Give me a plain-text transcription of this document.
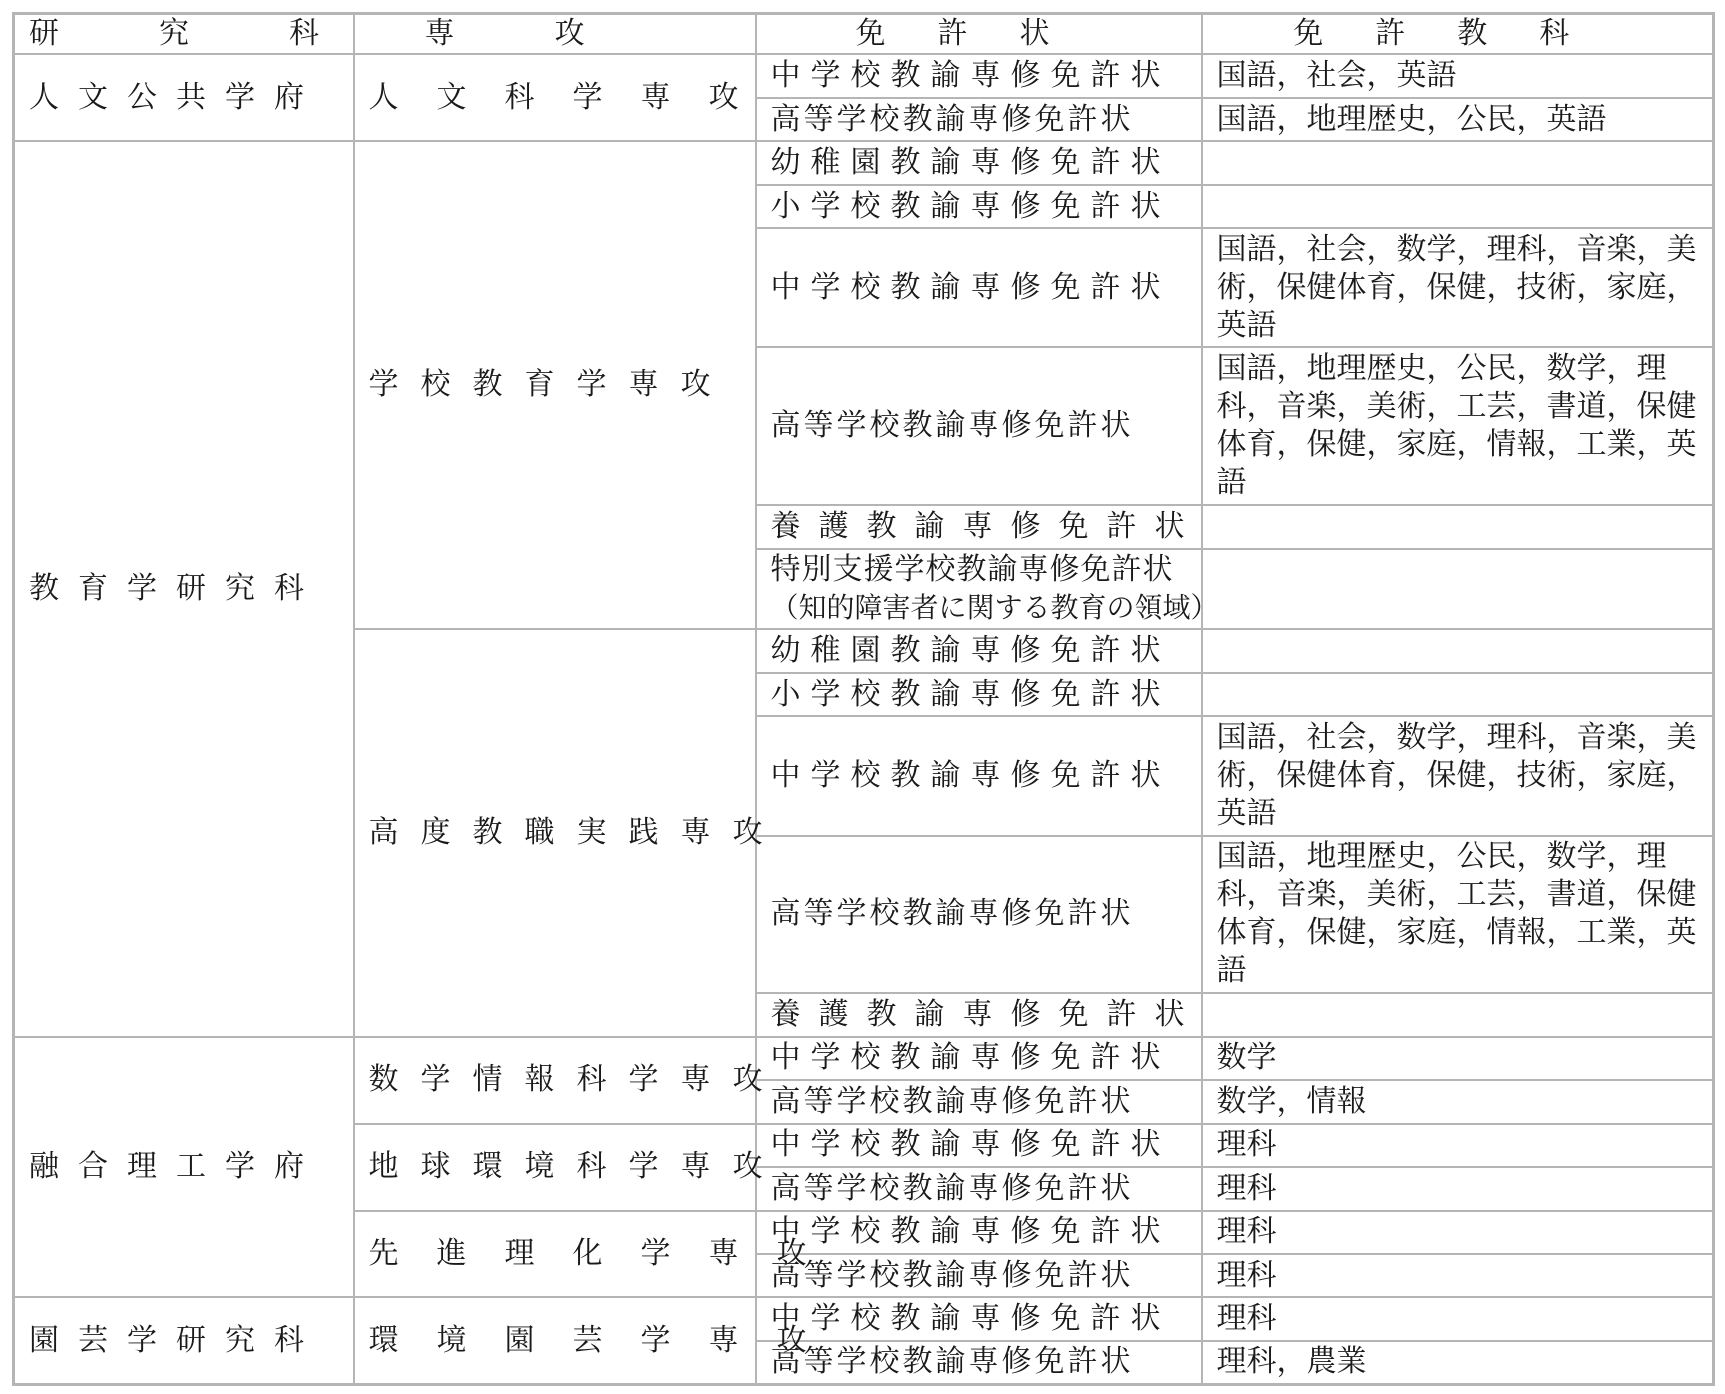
研究科	専攻	免許状	免許教科
人文公共学府	人文科学専攻	中学校教諭専修免許状	国語，社会，英語
		高等学校教諭専修免許状	国語，地理歴史，公民，英語
教育学研究科	学校教育学専攻	幼稚園教諭専修免許状	
		小学校教諭専修免許状	
		中学校教諭専修免許状	国語，社会，数学，理科，音楽，美術，保健体育，保健，技術，家庭，英語
		高等学校教諭専修免許状	国語，地理歴史，公民，数学，理科，音楽，美術，工芸，書道，保健体育，保健，家庭，情報，工業，英語
		養護教諭専修免許状	

		特別支援学校教諭専修免許状
（知的障害者に関する教育の領域）	

	高度教職実践専攻	幼稚園教諭専修免許状	
		小学校教諭専修免許状	
		中学校教諭専修免許状	国語，社会，数学，理科，音楽，美術，保健体育，保健，技術，家庭，英語
		高等学校教諭専修免許状	国語，地理歴史，公民，数学，理科，音楽，美術，工芸，書道，保健体育，保健，家庭，情報，工業，英語
		養護教諭専修免許状	
融合理工学府	数学情報科学専攻	中学校教諭専修免許状	数学
		高等学校教諭専修免許状	数学，情報
	地球環境科学専攻	中学校教諭専修免許状	理科
		高等学校教諭専修免許状	理科
	先進理化学専攻	中学校教諭専修免許状	理科
		高等学校教諭専修免許状	理科
園芸学研究科	環境園芸学専攻	中学校教諭専修免許状	理科
		高等学校教諭専修免許状	理科，農業
